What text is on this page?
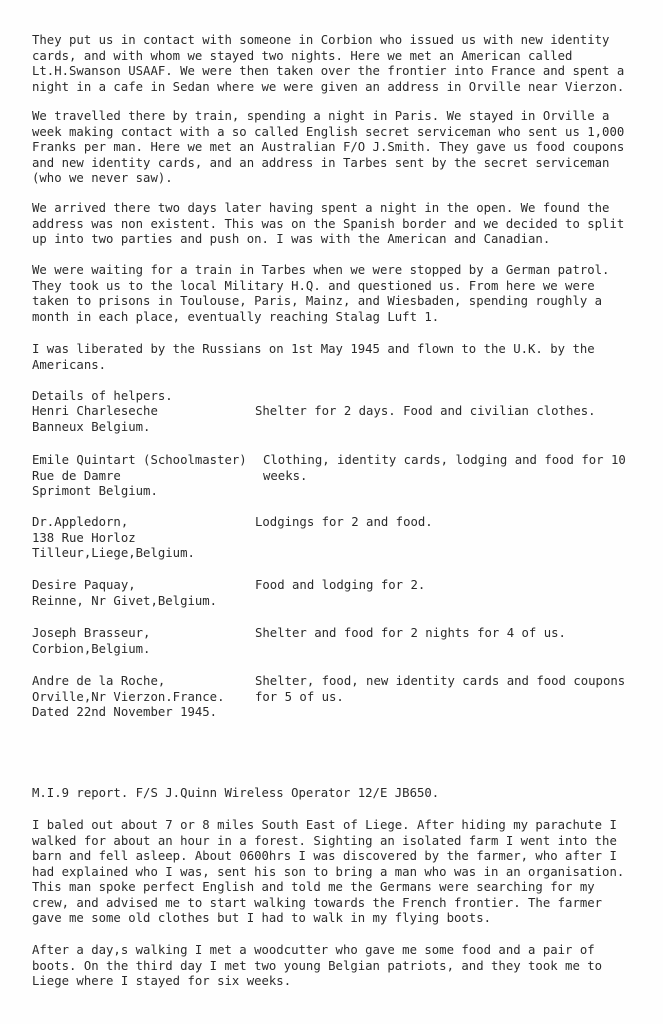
They put us in contact with someone in Corbion who issued us with new identity
cards, and with whom we stayed two nights. Here we met an American called
Lt.H.Swanson USAAF. We were then taken over the frontier into France and spent a
night in a cafe in Sedan where we were given an address in Orville near Vierzon.

We travelled there by train, spending a night in Paris. We stayed in Orville a
week making contact with a so called English secret serviceman who sent us 1,000
Franks per man. Here we met an Australian F/O J.Smith. They gave us food coupons
and new identity cards, and an address in Tarbes sent by the secret serviceman
(who we never saw).

We arrived there two days later having spent a night in the open. We found the
address was non existent. This was on the Spanish border and we decided to split
up into two parties and push on. I was with the American and Canadian.

We were waiting for a train in Tarbes when we were stopped by a German patrol.
They took us to the local Military H.Q. and questioned us. From here we were
taken to prisons in Toulouse, Paris, Mainz, and Wiesbaden, spending roughly a
month in each place, eventually reaching Stalag Luft 1.

I was liberated by the Russians on 1st May 1945 and flown to the U.K. by the
Americans.

Details of helpers.

Henri Charleseche
Banneux Belgium.

Shelter for 2 days. Food and civilian clothes.

Emile Quintart (Schoolmaster)
Rue de Damre
Sprimont Belgium.

Clothing, identity cards, lodging and food for 10
weeks.

Dr.Appledorn,
138 Rue Horloz
Tilleur,Liege,Belgium.

Lodgings for 2 and food.

Desire Paquay,
Reinne, Nr Givet,Belgium.

Food and lodging for 2.

Joseph Brasseur,
Corbion,Belgium.

Shelter and food for 2 nights for 4 of us.

Andre de la Roche,
Orville,Nr Vierzon.France.
Dated 22nd November 1945.

Shelter, food, new identity cards and food coupons
for 5 of us.

M.I.9 report. F/S J.Quinn Wireless Operator 12/E JB650.

I baled out about 7 or 8 miles South East of Liege. After hiding my parachute I
walked for about an hour in a forest. Sighting an isolated farm I went into the
barn and fell asleep. About 0600hrs I was discovered by the farmer, who after I
had explained who I was, sent his son to bring a man who was in an organisation.
This man spoke perfect English and told me the Germans were searching for my
crew, and advised me to start walking towards the French frontier. The farmer
gave me some old clothes but I had to walk in my flying boots.

After a day,s walking I met a woodcutter who gave me some food and a pair of
boots. On the third day I met two young Belgian patriots, and they took me to
Liege where I stayed for six weeks.
